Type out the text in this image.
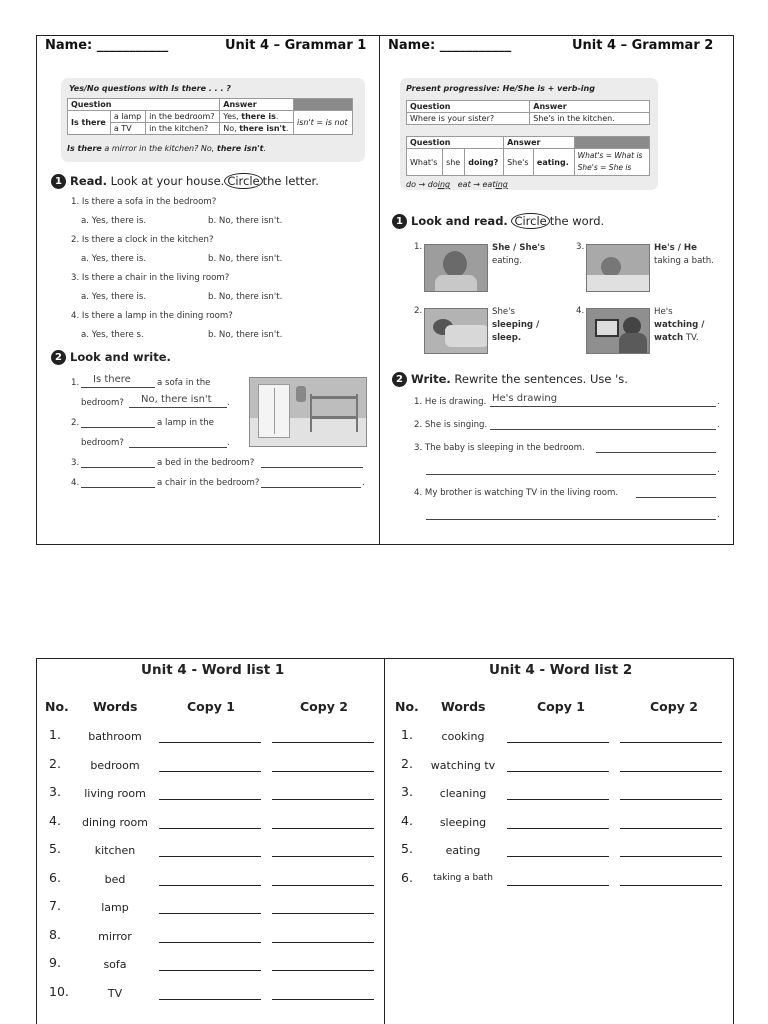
Name: ___________	Unit 4 – Grammar 1
Yes/No questions with Is there . . . ?
Question			Answer	
Is there	a lamp	in the bedroom?	Yes, there is.	isn't = is not
	a TV	in the kitchen?	No, there isn't.	
Is there a mirror in the kitchen? No, there isn't.
1 Read. Look at your house. Circle the letter.
1. Is there a sofa in the bedroom?
a. Yes, there is.	b. No, there isn't.
2. Is there a clock in the kitchen?
a. Yes, there is.	b. No, there isn't.
3. Is there a chair in the living room?
a. Yes, there is.	b. No, there isn't.
4. Is there a lamp in the dining room?
a. Yes, there s.	b. No, there isn't.
2 Look and write.
1. Is there	a sofa in the
bedroom? No, there isn't .
2.	a lamp in the
bedroom?	.
3.	a bed in the bedroom?
4.	a chair in the bedroom?	.
Name: ___________	Unit 4 – Grammar 2
Present progressive: He/She is + verb-ing
Question	Answer
Where is your sister?	She's in the kitchen.
Question			Answer		
What's	she	doing?	She's	eating.	What's = What is
She's = She is
do → doing eat → eating
1 Look and read. Circle the word.
1.	She / She's
eating.
3.	He's / He
taking a bath.
2.	She's
sleeping /
sleep.
4.	He's
watching /
watch TV.
2 Write. Rewrite the sentences. Use 's.
1. He is drawing. He's drawing	.
2. She is singing.	.
3. The baby is sleeping in the bedroom.
.
4. My brother is watching TV in the living room.
.
Unit 4 - Word list 1
No. Words	Copy 1	Copy 2
1.	bathroom
2.	bedroom
3.	living room
4.	dining room
5.	kitchen
6.	bed
7.	lamp
8.	mirror
9.	sofa
10.	TV
Unit 4 - Word list 2
No. Words	Copy 1	Copy 2
1.	cooking
2.	watching tv
3.	cleaning
4.	sleeping
5.	eating
6.	taking a bath
